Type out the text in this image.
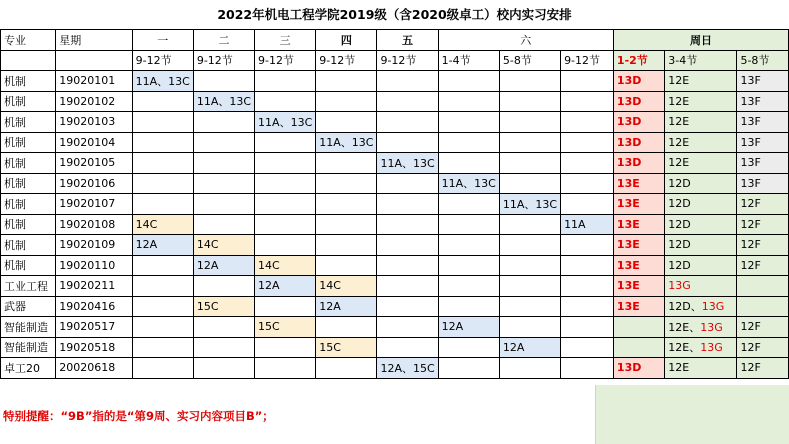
2022年机电工程学院2019级（含2020级卓工）校内实习安排
专业	星期	一	二	三	四	五	六			周日		
		9-12节	9-12节	9-12节	9-12节	9-12节	1-4节	5-8节	9-12节	1-2节	3-4节	5-8节
机制	19020101	11A、13C								13D	12E	13F
机制	19020102		11A、13C							13D	12E	13F
机制	19020103			11A、13C						13D	12E	13F
机制	19020104				11A、13C					13D	12E	13F
机制	19020105					11A、13C				13D	12E	13F
机制	19020106						11A、13C			13E	12D	13F
机制	19020107							11A、13C		13E	12D	12F
机制	19020108	14C							11A	13E	12D	12F
机制	19020109	12A	14C							13E	12D	12F
机制	19020110		12A	14C						13E	12D	12F
工业工程	19020211			12A	14C					13E	13G	
武器	19020416		15C		12A					13E	12D、13G	
智能制造	19020517			15C			12A				12E、13G	12F
智能制造	19020518				15C			12A			12E、13G	12F
卓工20	20020618					12A、15C				13D	12E	12F
特别提醒：“9B”指的是“第9周、实习内容项目B”；
